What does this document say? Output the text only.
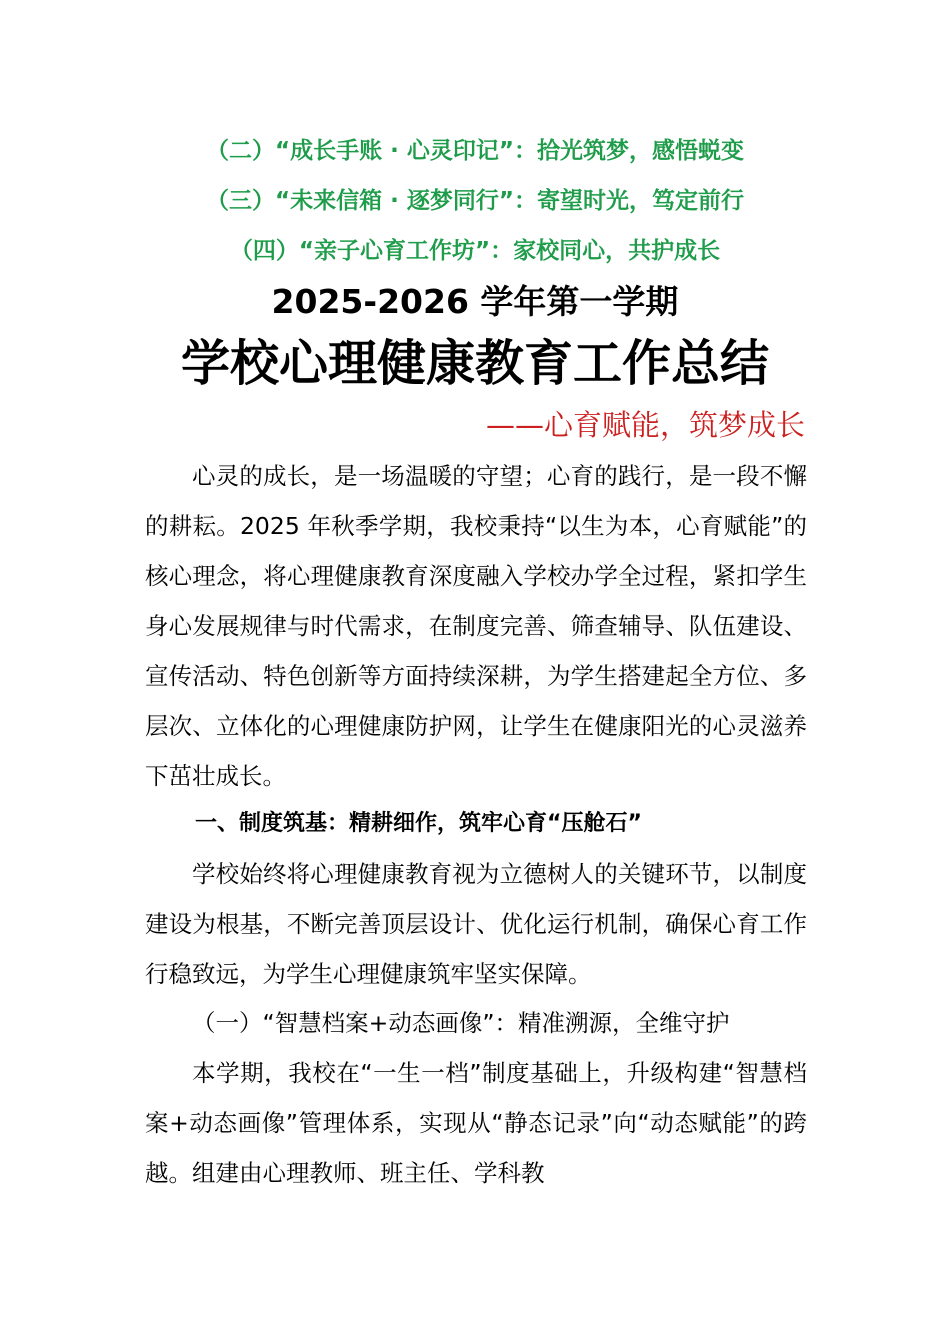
（二）“成长手账 · 心灵印记”：拾光筑梦，感悟蜕变
（三）“未来信箱 · 逐梦同行”：寄望时光，笃定前行
（四）“亲子心育工作坊”：家校同心，共护成长
2025-2026 学年第一学期
学校心理健康教育工作总结
——心育赋能，筑梦成长

心灵的成长，是一场温暖的守望；心育的践行，是一段不懈的耕耘。2025 年秋季学期，我校秉持“以生为本，心育赋能”的核心理念，将心理健康教育深度融入学校办学全过程，紧扣学生身心发展规律与时代需求，在制度完善、筛查辅导、队伍建设、宣传活动、特色创新等方面持续深耕，为学生搭建起全方位、多层次、立体化的心理健康防护网，让学生在健康阳光的心灵滋养下茁壮成长。

一、制度筑基：精耕细作，筑牢心育“压舱石”

学校始终将心理健康教育视为立德树人的关键环节，以制度建设为根基，不断完善顶层设计、优化运行机制，确保心育工作行稳致远，为学生心理健康筑牢坚实保障。

（一）“智慧档案+动态画像”：精准溯源，全维守护

本学期，我校在“一生一档”制度基础上，升级构建“智慧档案+动态画像”管理体系，实现从“静态记录”向“动态赋能”的跨越。组建由心理教师、班主任、学科教
